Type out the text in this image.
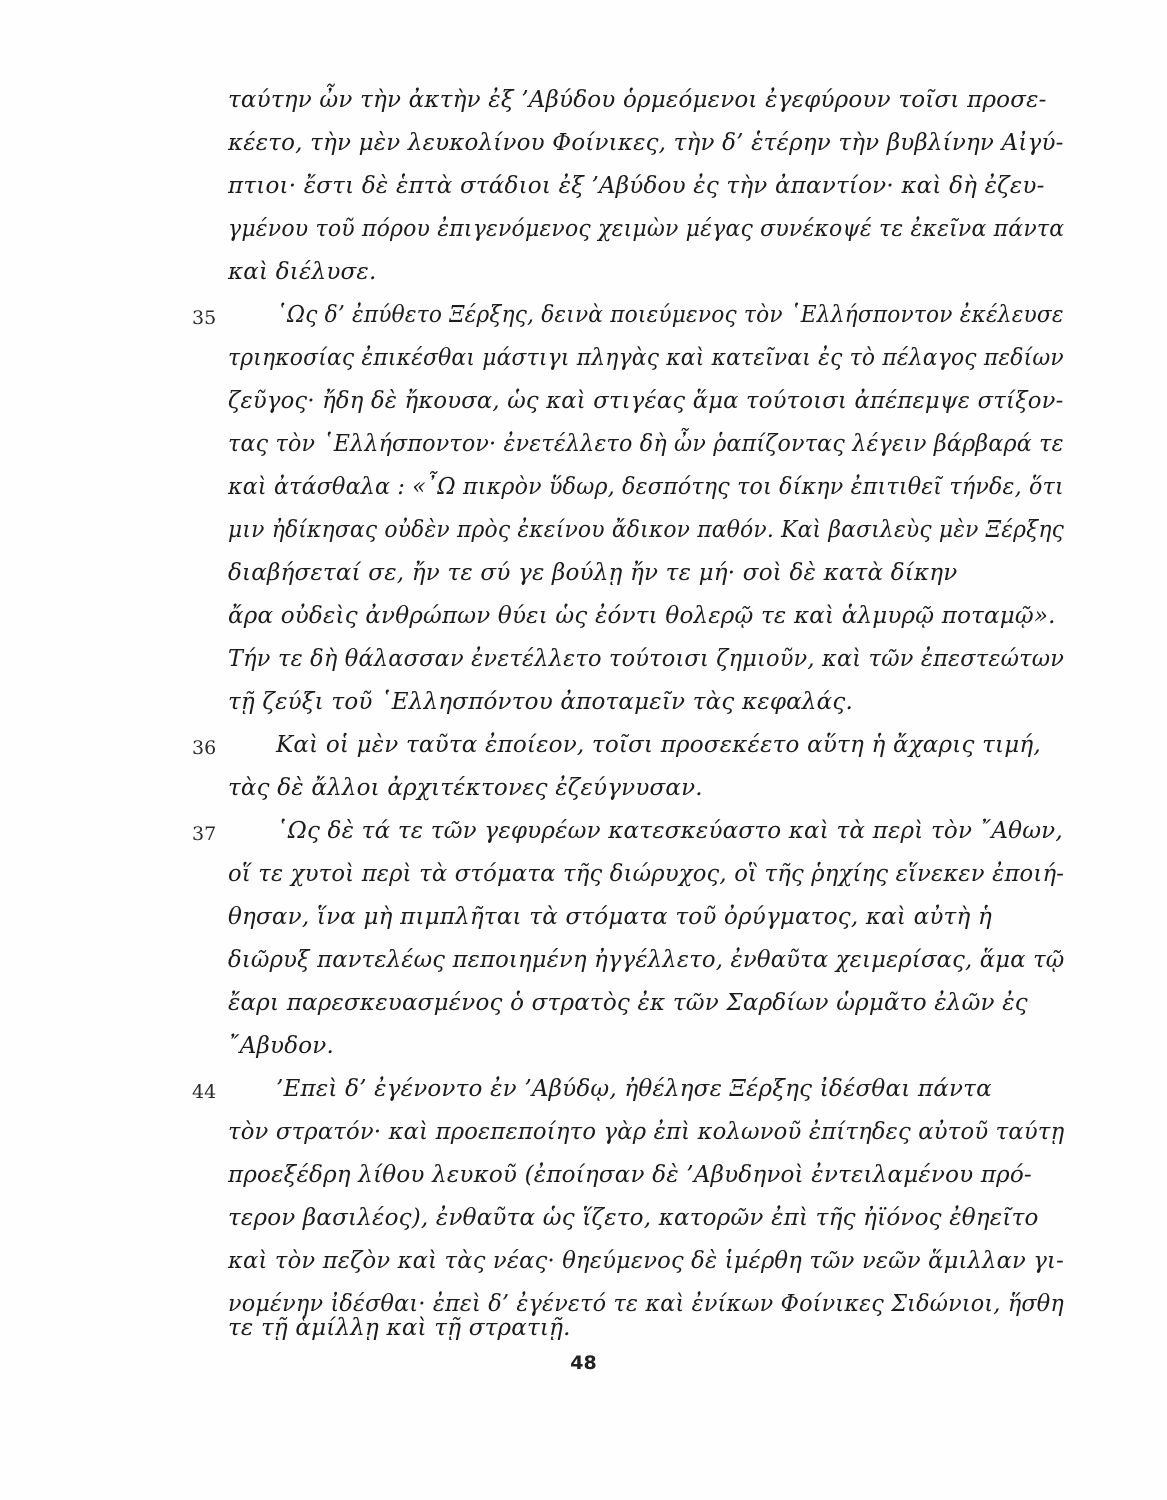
ταύτην ὦν τὴν ἀκτὴν ἐξ ’Αβύδου ὁρμεόμενοι ἐγεφύρουν τοῖσι προσε-
κέετο, τὴν μὲν λευκολίνου Φοίνικες, τὴν δ’ ἑτέρην τὴν βυβλίνην Αἰγύ-
πτιοι· ἔστι δὲ ἑπτὰ στάδιοι ἐξ ’Αβύδου ἐς τὴν ἀπαντίον· καὶ δὴ ἐζευ-
γμένου τοῦ πόρου ἐπιγενόμενος χειμὼν μέγας συνέκοψέ τε ἐκεῖνα πάντα
καὶ διέλυσε.
35	῾Ως δ’ ἐπύθετο Ξέρξης, δεινὰ ποιεύμενος τὸν ῾Ελλήσποντον ἐκέλευσε
τριηκοσίας ἐπικέσθαι μάστιγι πληγὰς καὶ κατεῖναι ἐς τὸ πέλαγος πεδίων
ζεῦγος· ἤδη δὲ ἤκουσα, ὡς καὶ στιγέας ἅμα τούτοισι ἀπέπεμψε στίξον-
τας τὸν ῾Ελλήσποντον· ἐνετέλλετο δὴ ὦν ῥαπίζοντας λέγειν βάρβαρά τε
καὶ ἀτάσθαλα : «῏Ω πικρὸν ὕδωρ, δεσπότης τοι δίκην ἐπιτιθεῖ τήνδε, ὅτι
μιν ἠδίκησας οὐδὲν πρὸς ἐκείνου ἄδικον παθόν. Καὶ βασιλεὺς μὲν Ξέρξης
διαβήσεταί σε, ἤν τε σύ γε βούλῃ ἤν τε μή· σοὶ δὲ κατὰ δίκην
ἄρα οὐδεὶς ἀνθρώπων θύει ὡς ἐόντι θολερῷ τε καὶ ἁλμυρῷ ποταμῷ».
Τήν τε δὴ θάλασσαν ἐνετέλλετο τούτοισι ζημιοῦν, καὶ τῶν ἐπεστεώτων
τῇ ζεύξι τοῦ ῾Ελλησπόντου ἀποταμεῖν τὰς κεφαλάς.
36	Καὶ οἱ μὲν ταῦτα ἐποίεον, τοῖσι προσεκέετο αὕτη ἡ ἄχαρις τιμή,
τὰς δὲ ἄλλοι ἀρχιτέκτονες ἐζεύγνυσαν.
37	῾Ως δὲ τά τε τῶν γεφυρέων κατεσκεύαστο καὶ τὰ περὶ τὸν ῎Αθων,
οἵ τε χυτοὶ περὶ τὰ στόματα τῆς διώρυχος, οἳ τῆς ῥηχίης εἵνεκεν ἐποιή-
θησαν, ἵνα μὴ πιμπλῆται τὰ στόματα τοῦ ὀρύγματος, καὶ αὐτὴ ἡ
διῶρυξ παντελέως πεποιημένη ἠγγέλλετο, ἐνθαῦτα χειμερίσας, ἅμα τῷ
ἔαρι παρεσκευασμένος ὁ στρατὸς ἐκ τῶν Σαρδίων ὡρμᾶτο ἐλῶν ἐς
῎Αβυδον.
44	’Επεὶ δ’ ἐγένοντο ἐν ’Αβύδῳ, ἠθέλησε Ξέρξης ἰδέσθαι πάντα
τὸν στρατόν· καὶ προεπεποίητο γὰρ ἐπὶ κολωνοῦ ἐπίτηδες αὐτοῦ ταύτῃ
προεξέδρη λίθου λευκοῦ (ἐποίησαν δὲ ’Αβυδηνοὶ ἐντειλαμένου πρό-
τερον βασιλέος), ἐνθαῦτα ὡς ἵζετο, κατορῶν ἐπὶ τῆς ἠϊόνος ἐθηεῖτο
καὶ τὸν πεζὸν καὶ τὰς νέας· θηεύμενος δὲ ἱμέρθη τῶν νεῶν ἅμιλλαν γι-
νομένην ἰδέσθαι· ἐπεὶ δ’ ἐγένετό τε καὶ ἐνίκων Φοίνικες Σιδώνιοι, ἥσθη
τε τῇ ἁμίλλῃ καὶ τῇ στρατιῇ.
48
